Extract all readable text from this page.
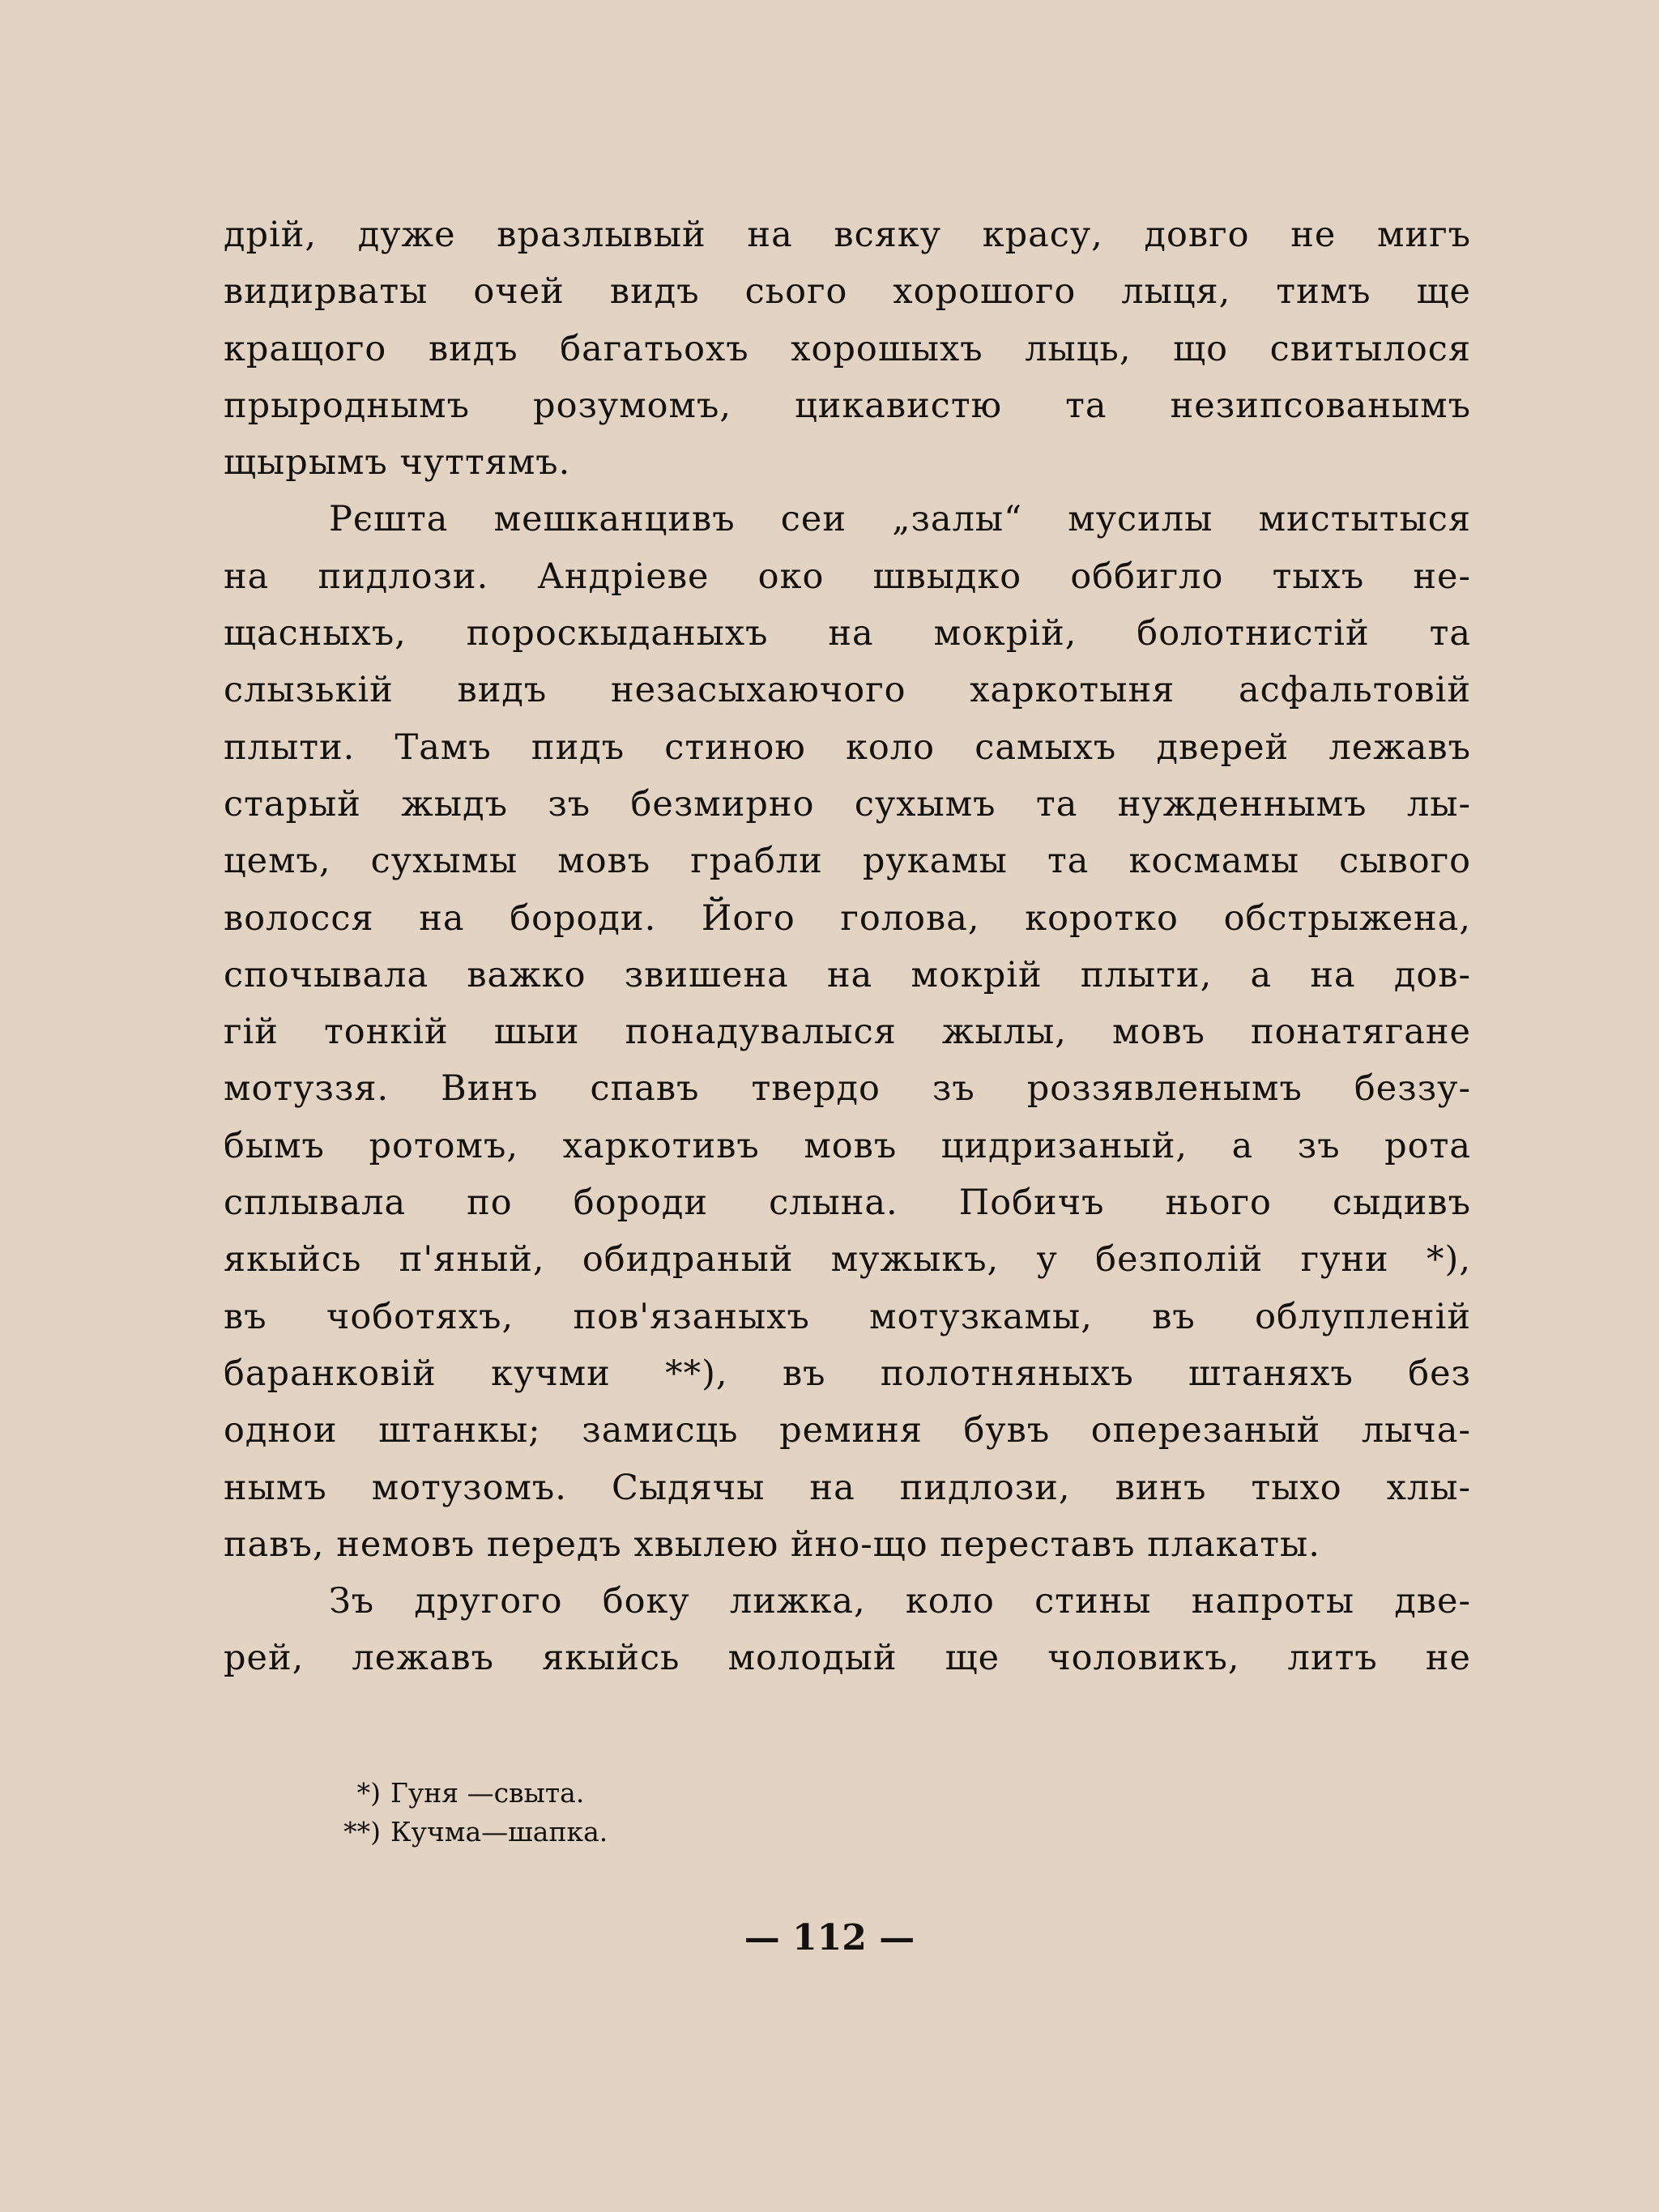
дрій, дуже вразлывый на всяку красу, довго не мигъ
видирваты очей видъ сього хорошого лыця, тимъ ще
кращого видъ багатьохъ хорошыхъ лыць, що свитылося
прыроднымъ розумомъ, цикавистю та незипсованымъ
щырымъ чуттямъ.
Рєшта мешканцивъ сеи „залы“ мусилы мистытыся
на пидлози. Андріеве око швыдко оббигло тыхъ не-
щасныхъ, пороскыданыхъ на мокрій, болотнистій та
слызькій видъ незасыхаючого харкотыня асфальтовій
плыти. Тамъ пидъ стиною коло самыхъ дверей лежавъ
старый жыдъ зъ безмирно сухымъ та нужденнымъ лы-
цемъ, сухымы мовъ грабли рукамы та космамы сывого
волосся на бороди. Його голова, коротко обстрыжена,
спочывала важко звишена на мокрій плыти, а на дов-
гій тонкій шыи понадувалыся жылы, мовъ понатягане
мотуззя. Винъ спавъ твердо зъ роззявленымъ беззу-
бымъ ротомъ, харкотивъ мовъ цидризаный, а зъ рота
сплывала по бороди слына. Побичъ нього сыдивъ
якыйсь п'яный, обидраный мужыкъ, у безполій гуни *),
въ чоботяхъ, пов'язаныхъ мотузкамы, въ облупленій
баранковій кучми **), въ полотняныхъ штаняхъ без
однои штанкы; замисць реминя бувъ оперезаный лыча-
нымъ мотузомъ. Сыдячы на пидлози, винъ тыхо хлы-
павъ, немовъ передъ хвылею йно-що переставъ плакаты.
Зъ другого боку лижка, коло стины напроты две-
рей, лежавъ якыйсь молодый ще чоловикъ, литъ не
*) Гуня —свыта.
**) Кучма—шапка.
— 112 —
